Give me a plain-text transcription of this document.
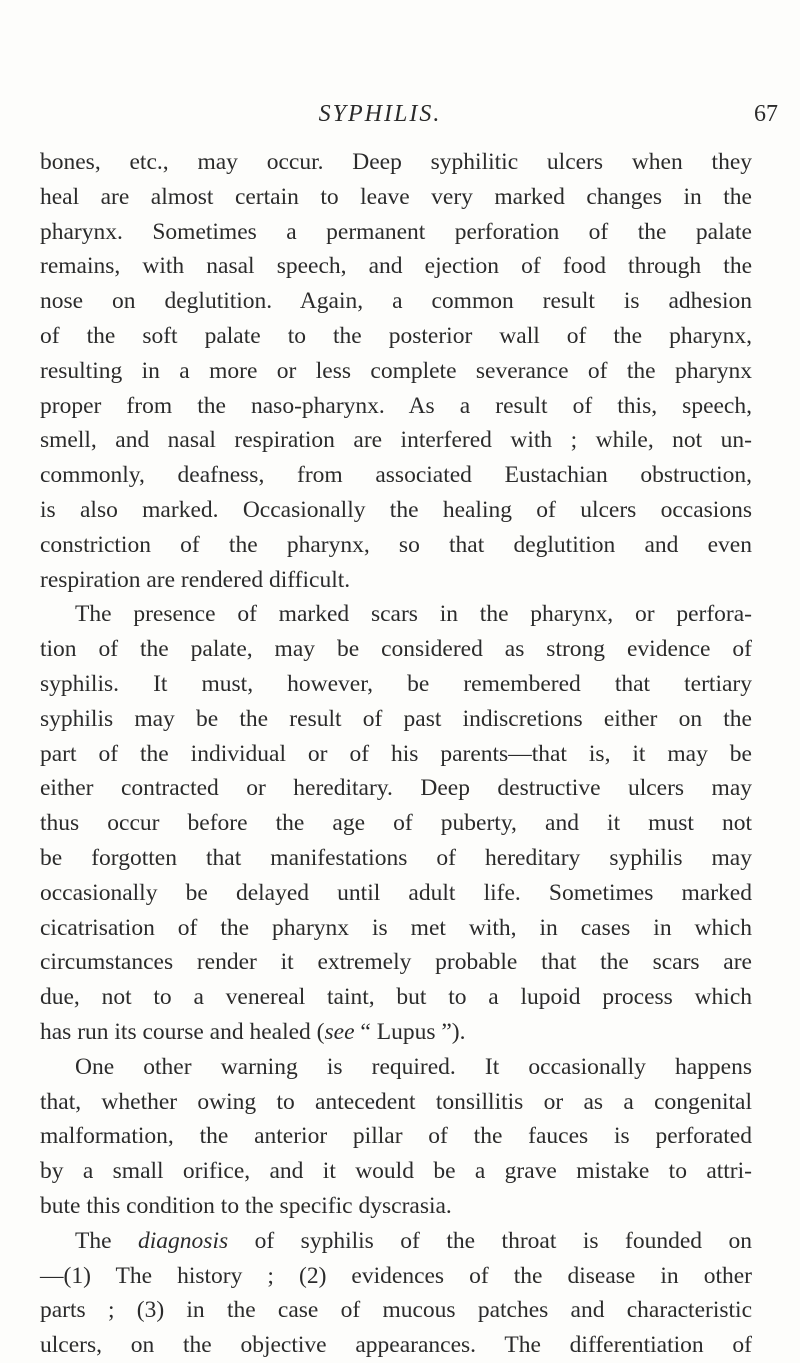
SYPHILIS.	67

bones, etc., may occur. Deep syphilitic ulcers when they
heal are almost certain to leave very marked changes in the
pharynx. Sometimes a permanent perforation of the palate
remains, with nasal speech, and ejection of food through the
nose on deglutition. Again, a common result is adhesion
of the soft palate to the posterior wall of the pharynx,
resulting in a more or less complete severance of the pharynx
proper from the naso-pharynx. As a result of this, speech,
smell, and nasal respiration are interfered with ; while, not un-
commonly, deafness, from associated Eustachian obstruction,
is also marked. Occasionally the healing of ulcers occasions
constriction of the pharynx, so that deglutition and even

respiration are rendered difficult.

The presence of marked scars in the pharynx, or perfora-
tion of the palate, may be considered as strong evidence of
syphilis. It must, however, be remembered that tertiary
syphilis may be the result of past indiscretions either on the
part of the individual or of his parents—that is, it may be
either contracted or hereditary. Deep destructive ulcers may
thus occur before the age of puberty, and it must not
be forgotten that manifestations of hereditary syphilis may
occasionally be delayed until adult life. Sometimes marked
cicatrisation of the pharynx is met with, in cases in which
circumstances render it extremely probable that the scars are
due, not to a venereal taint, but to a lupoid process which

has run its course and healed (see “ Lupus ”).

One other warning is required. It occasionally happens
that, whether owing to antecedent tonsillitis or as a congenital
malformation, the anterior pillar of the fauces is perforated
by a small orifice, and it would be a grave mistake to attri-

bute this condition to the specific dyscrasia.

The diagnosis of syphilis of the throat is founded on
—(1) The history ; (2) evidences of the disease in other
parts ; (3) in the case of mucous patches and characteristic
ulcers, on the objective appearances. The differentiation of
